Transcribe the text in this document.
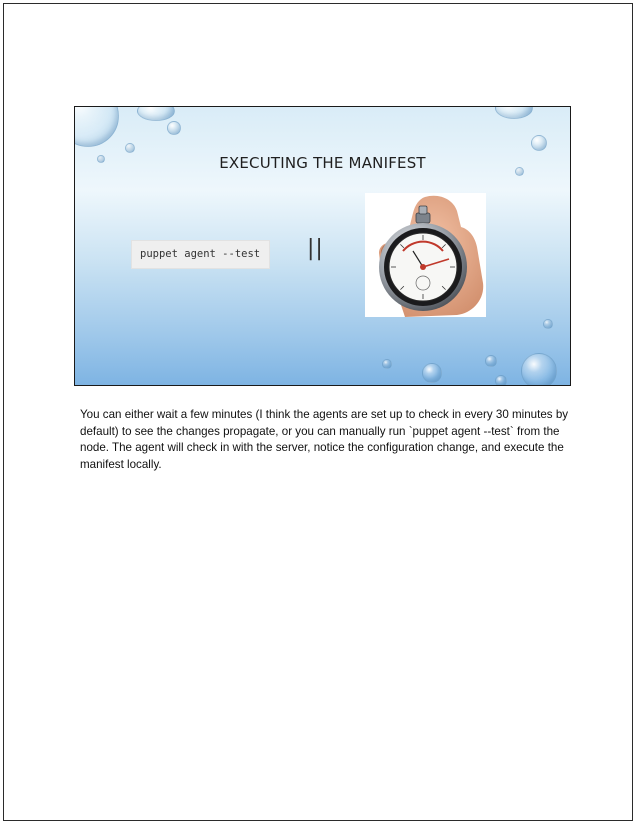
EXECUTING THE MANIFEST
puppet agent --test	||

You can either wait a few minutes (I think the agents are set up to check in every 30 minutes by default) to see the changes propagate, or you can manually run `puppet agent --test` from the node. The agent will check in with the server, notice the configuration change, and execute the manifest locally.
